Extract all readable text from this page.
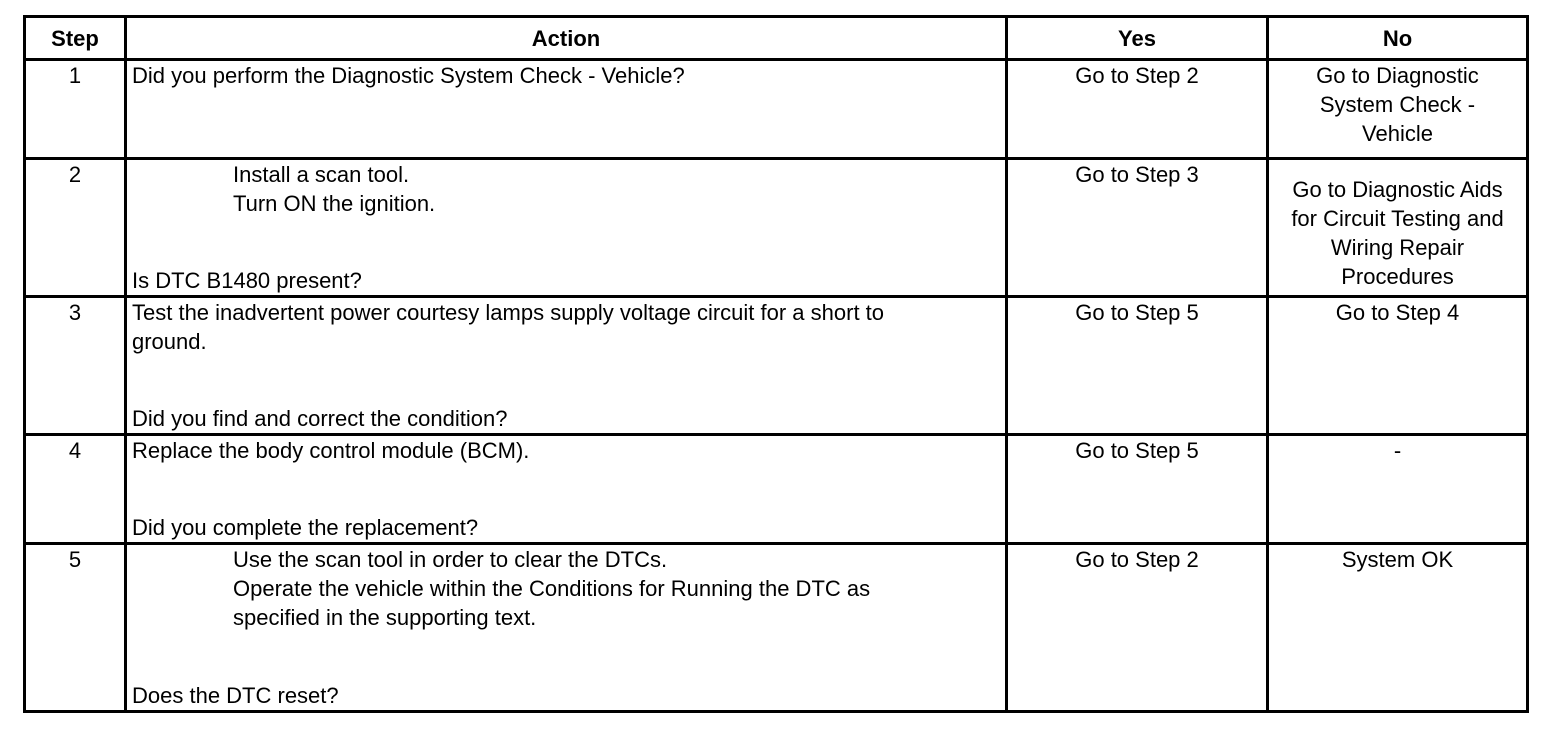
Step	Action	Yes	No
1	Did you perform the Diagnostic System Check - Vehicle?	Go to Step 2	Go to Diagnostic
System Check -
Vehicle

2	Install a scan tool.
Turn ON the ignition.
Is DTC B1480 present?	Go to Step 3	Go to Diagnostic Aids
for Circuit Testing and
Wiring Repair
Procedures

3	Test the inadvertent power courtesy lamps supply voltage circuit for a short to
ground.
Did you find and correct the condition?	Go to Step 5	Go to Step 4
4	Replace the body control module (BCM).
Did you complete the replacement?	Go to Step 5	-
5	Use the scan tool in order to clear the DTCs.
Operate the vehicle within the Conditions for Running the DTC as
specified in the supporting text.
Does the DTC reset?	Go to Step 2	System OK
